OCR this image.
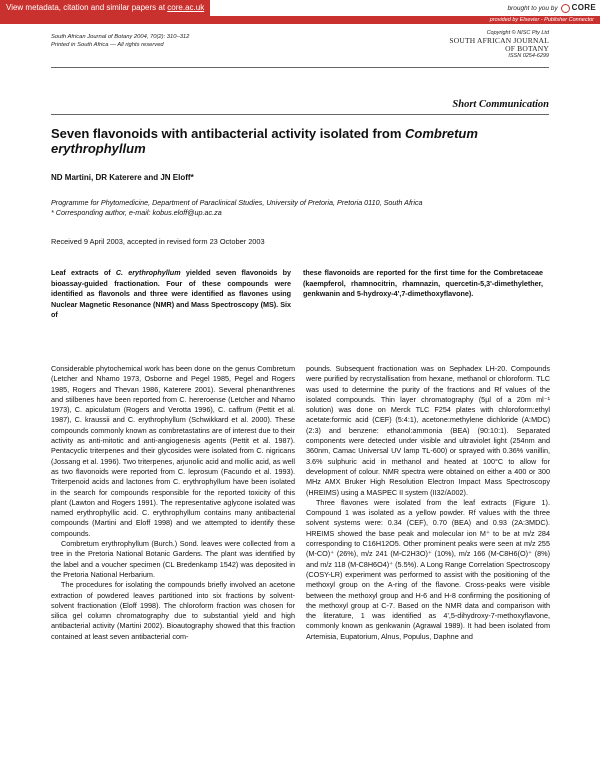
View metadata, citation and similar papers at core.ac.uk	brought to you by CORE
provided by Elsevier - Publisher Connector
South African Journal of Botany 2004, 70(2): 310–312
Printed in South Africa — All rights reserved
Copyright © NISC Pty Ltd
SOUTH AFRICAN JOURNAL
OF BOTANY
ISSN 0254-6299
Short Communication
Seven flavonoids with antibacterial activity isolated from Combretum erythrophyllum
ND Martini, DR Katerere and JN Eloff*
Programme for Phytomedicine, Department of Paraclinical Studies, University of Pretoria, Pretoria 0110, South Africa
* Corresponding author, e-mail: kobus.eloff@up.ac.za
Received 9 April 2003, accepted in revised form 23 October 2003
Leaf extracts of C. erythrophyllum yielded seven flavonoids by bioassay-guided fractionation. Four of these compounds were identified as flavonols and three were identified as flavones using Nuclear Magnetic Resonance (NMR) and Mass Spectroscopy (MS). Six of
these flavonoids are reported for the first time for the Combretaceae (kaempferol, rhamnocitrin, rhamnazin, quercetin-5,3'-dimethylether, genkwanin and 5-hydroxy-4',7-dimethoxyflavone).

Considerable phytochemical work has been done on the genus Combretum (Letcher and Nhamo 1973, Osborne and Pegel 1985, Pegel and Rogers 1985, Rogers and Thevan 1986, Katerere 2001). Several phenanthrenes and stilbenes have been reported from C. hereroense (Letcher and Nhamo 1973), C. apiculatum (Rogers and Verotta 1996), C. caffrum (Pettit et al. 1987), C. kraussii and C. erythrophyllum (Schwikkard et al. 2000). These compounds commonly known as combretastatins are of interest due to their activity as anti-mitotic and anti-angiogenesis agents (Pettit et al. 1987). Pentacyclic triterpenes and their glycosides were isolated from C. nigricans (Jossang et al. 1996). Two triterpenes, arjunolic acid and mollic acid, as well as two flavonoids were reported from C. leprosum (Facundo et al. 1993). Triterpenoid acids and lactones from C. erythrophyllum have been isolated in the search for compounds responsible for the reported toxicity of this plant (Lawton and Rogers 1991). The representative aglycone isolated was named erythrophyllic acid. C. erythrophyllum contains many antibacterial compounds (Martini and Eloff 1998) and we attempted to identify these compounds.

Combretum erythrophyllum (Burch.) Sond. leaves were collected from a tree in the Pretoria National Botanic Gardens. The plant was identified by the label and a voucher specimen (CL Bredenkamp 1542) was deposited in the Pretoria National Herbarium.

The procedures for isolating the compounds briefly involved an acetone extraction of powdered leaves partitioned into six fractions by solvent-solvent fractionation (Eloff 1998). The chloroform fraction was chosen for silica gel column chromatography due to substantial yield and high antibacterial activity (Martini 2002). Bioautography showed that this fraction contained at least seven antibacterial com-

pounds. Subsequent fractionation was on Sephadex LH-20. Compounds were purified by recrystallisation from hexane, methanol or chloroform. TLC was used to determine the purity of the fractions and Rf values of the isolated compounds. Thin layer chromatography (5µl of a 20m ml⁻¹ solution) was done on Merck TLC F254 plates with chloroform:ethyl acetate:formic acid (CEF) (5:4:1), acetone:methylene dichloride (A:MDC) (2:3) and benzene: ethanol:ammonia (BEA) (90:10:1). Separated components were detected under visible and ultraviolet light (254nm and 360nm, Camac Universal UV lamp TL-600) or sprayed with 0.36% vanillin, 3.6% sulphuric acid in methanol and heated at 100°C to allow for development of colour. NMR spectra were obtained on either a 400 or 300 MHz AMX Bruker High Resolution Electron Impact Mass Spectroscopy (HREIMS) using a MASPEC II system (II32/A002).

Three flavones were isolated from the leaf extracts (Figure 1). Compound 1 was isolated as a yellow powder. Rf values with the three solvent systems were: 0.34 (CEF), 0.70 (BEA) and 0.93 (2A:3MDC). HREIMS showed the base peak and molecular ion M⁺ to be at m/z 284 corresponding to C16H12O5. Other prominent peaks were seen at m/z 255 (M-CO)⁺ (26%), m/z 241 (M-C2H3O)⁺ (10%), m/z 166 (M-C8H6(O)⁺ (8%) and m/z 118 (M-C8H6O4)⁺ (5.5%). A Long Range Correlation Spectroscopy (COSY-LR) experiment was performed to assist with the positioning of the methoxyl group on the A-ring of the flavone. Cross-peaks were visible between the methoxyl group and H-6 and H-8 confirming the positioning of the methoxyl group at C-7. Based on the NMR data and comparison with the literature, 1 was identified as 4',5-dihydroxy-7-methoxyflavone, commonly known as genkwanin (Agrawal 1989). It had been isolated from Artemisia, Eupatorium, Alnus, Populus, Daphne and
